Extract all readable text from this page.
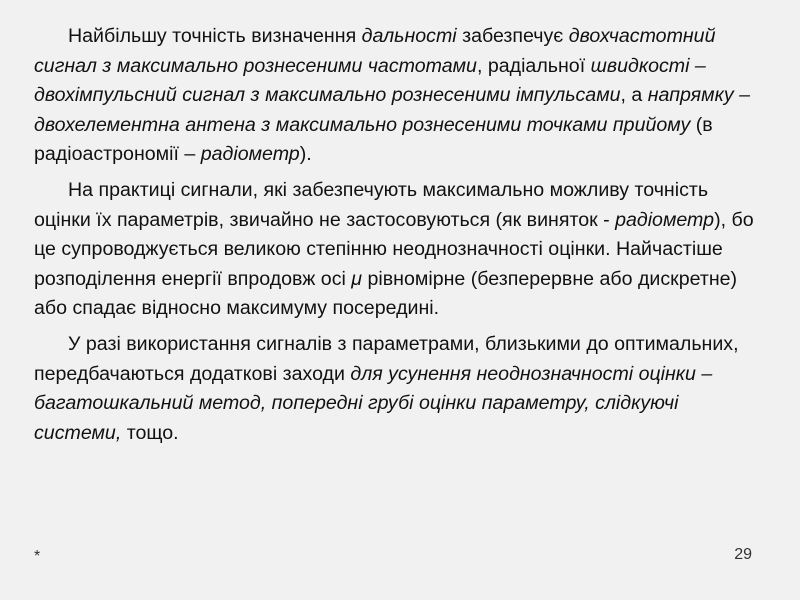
Найбільшу точність визначення дальності забезпечує двохчастотний сигнал з максимально рознесеними частотами, радіальної швидкості – двохімпульсний сигнал з максимально рознесеними імпульсами, а напрямку – двохелементна антена з максимально рознесеними точками прийому (в радіоастрономії – радіометр).

На практиці сигнали, які забезпечують максимально можливу точність оцінки їх параметрів, звичайно не застосовуються (як виняток - радіометр), бо це супроводжується великою степінню неоднозначності оцінки. Найчастіше розподілення енергії впродовж осі μ рівномірне (безперервне або дискретне) або спадає відносно максимуму посередині.

У разі використання сигналів з параметрами, близькими до оптимальних, передбачаються додаткові заходи для усунення неоднозначності оцінки – багатошкальний метод, попередні грубі оцінки параметру, слідкуючі системи, тощо.

*	29
